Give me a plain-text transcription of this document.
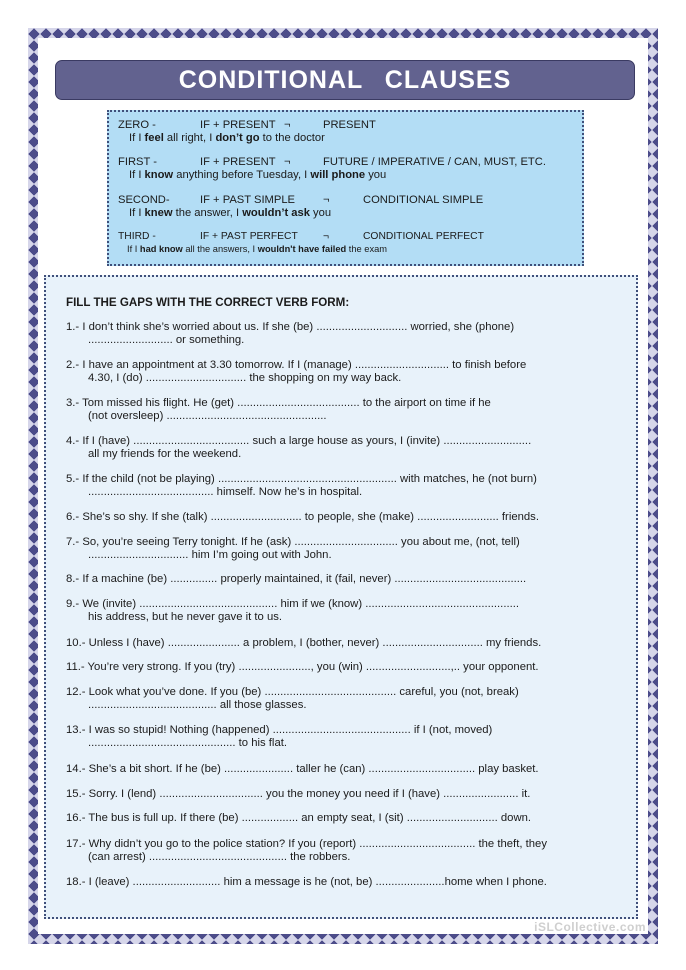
CONDITIONAL CLAUSES
ZERO -	IF + PRESENT ¬	PRESENT
If I feel all right, I don’t go to the doctor
FIRST -	IF + PRESENT ¬	FUTURE / IMPERATIVE / CAN, MUST, ETC.
If I know anything before Tuesday, I will phone you
SECOND-	IF + PAST SIMPLE ¬	CONDITIONAL SIMPLE
If I knew the answer, I wouldn’t ask you
THIRD -	IF + PAST PERFECT ¬	CONDITIONAL PERFECT
If I had know all the answers, I wouldn't have failed the exam
FILL THE GAPS WITH THE CORRECT VERB FORM:
1.- I don’t think she’s worried about us. If she (be) ............................. worried, she (phone)
........................... or something.
2.- I have an appointment at 3.30 tomorrow. If I (manage) .............................. to finish before
4.30, I (do) ................................ the shopping on my way back.
3.- Tom missed his flight. He (get) ....................................... to the airport on time if he
(not oversleep) ...................................................
4.- If I (have) ..................................... such a large house as yours, I (invite) ............................
all my friends for the weekend.
5.- If the child (not be playing) ......................................................... with matches, he (not burn)
........................................ himself. Now he’s in hospital.
6.- She’s so shy. If she (talk) ............................. to people, she (make) .......................... friends.
7.- So, you’re seeing Terry tonight. If he (ask) ................................. you about me, (not, tell)
................................ him I’m going out with John.
8.- If a machine (be) ............... properly maintained, it (fail, never) ..........................................
9.- We (invite) ............................................ him if we (know) .................................................
his address, but he never gave it to us.
10.- Unless I (have) ....................... a problem, I (bother, never) ................................ my friends.
11.- You’re very strong. If you (try) ......................., you (win) ...........................,.. your opponent.
12.- Look what you’ve done. If you (be) .......................................... careful, you (not, break)
......................................... all those glasses.
13.- I was so stupid! Nothing (happened) ............................................ if I (not, moved)
............................................... to his flat.
14.- She’s a bit short. If he (be) ...................... taller he (can) .................................. play basket.
15.- Sorry. I (lend) ................................. you the money you need if I (have) ........................ it.
16.- The bus is full up. If there (be) .................. an empty seat, I (sit) ............................. down.
17.- Why didn’t you go to the police station? If you (report) ..................................... the theft, they
(can arrest) ............................................ the robbers.
18.- I (leave) ............................ him a message is he (not, be) ......................home when I phone.
iSLCollective.com
